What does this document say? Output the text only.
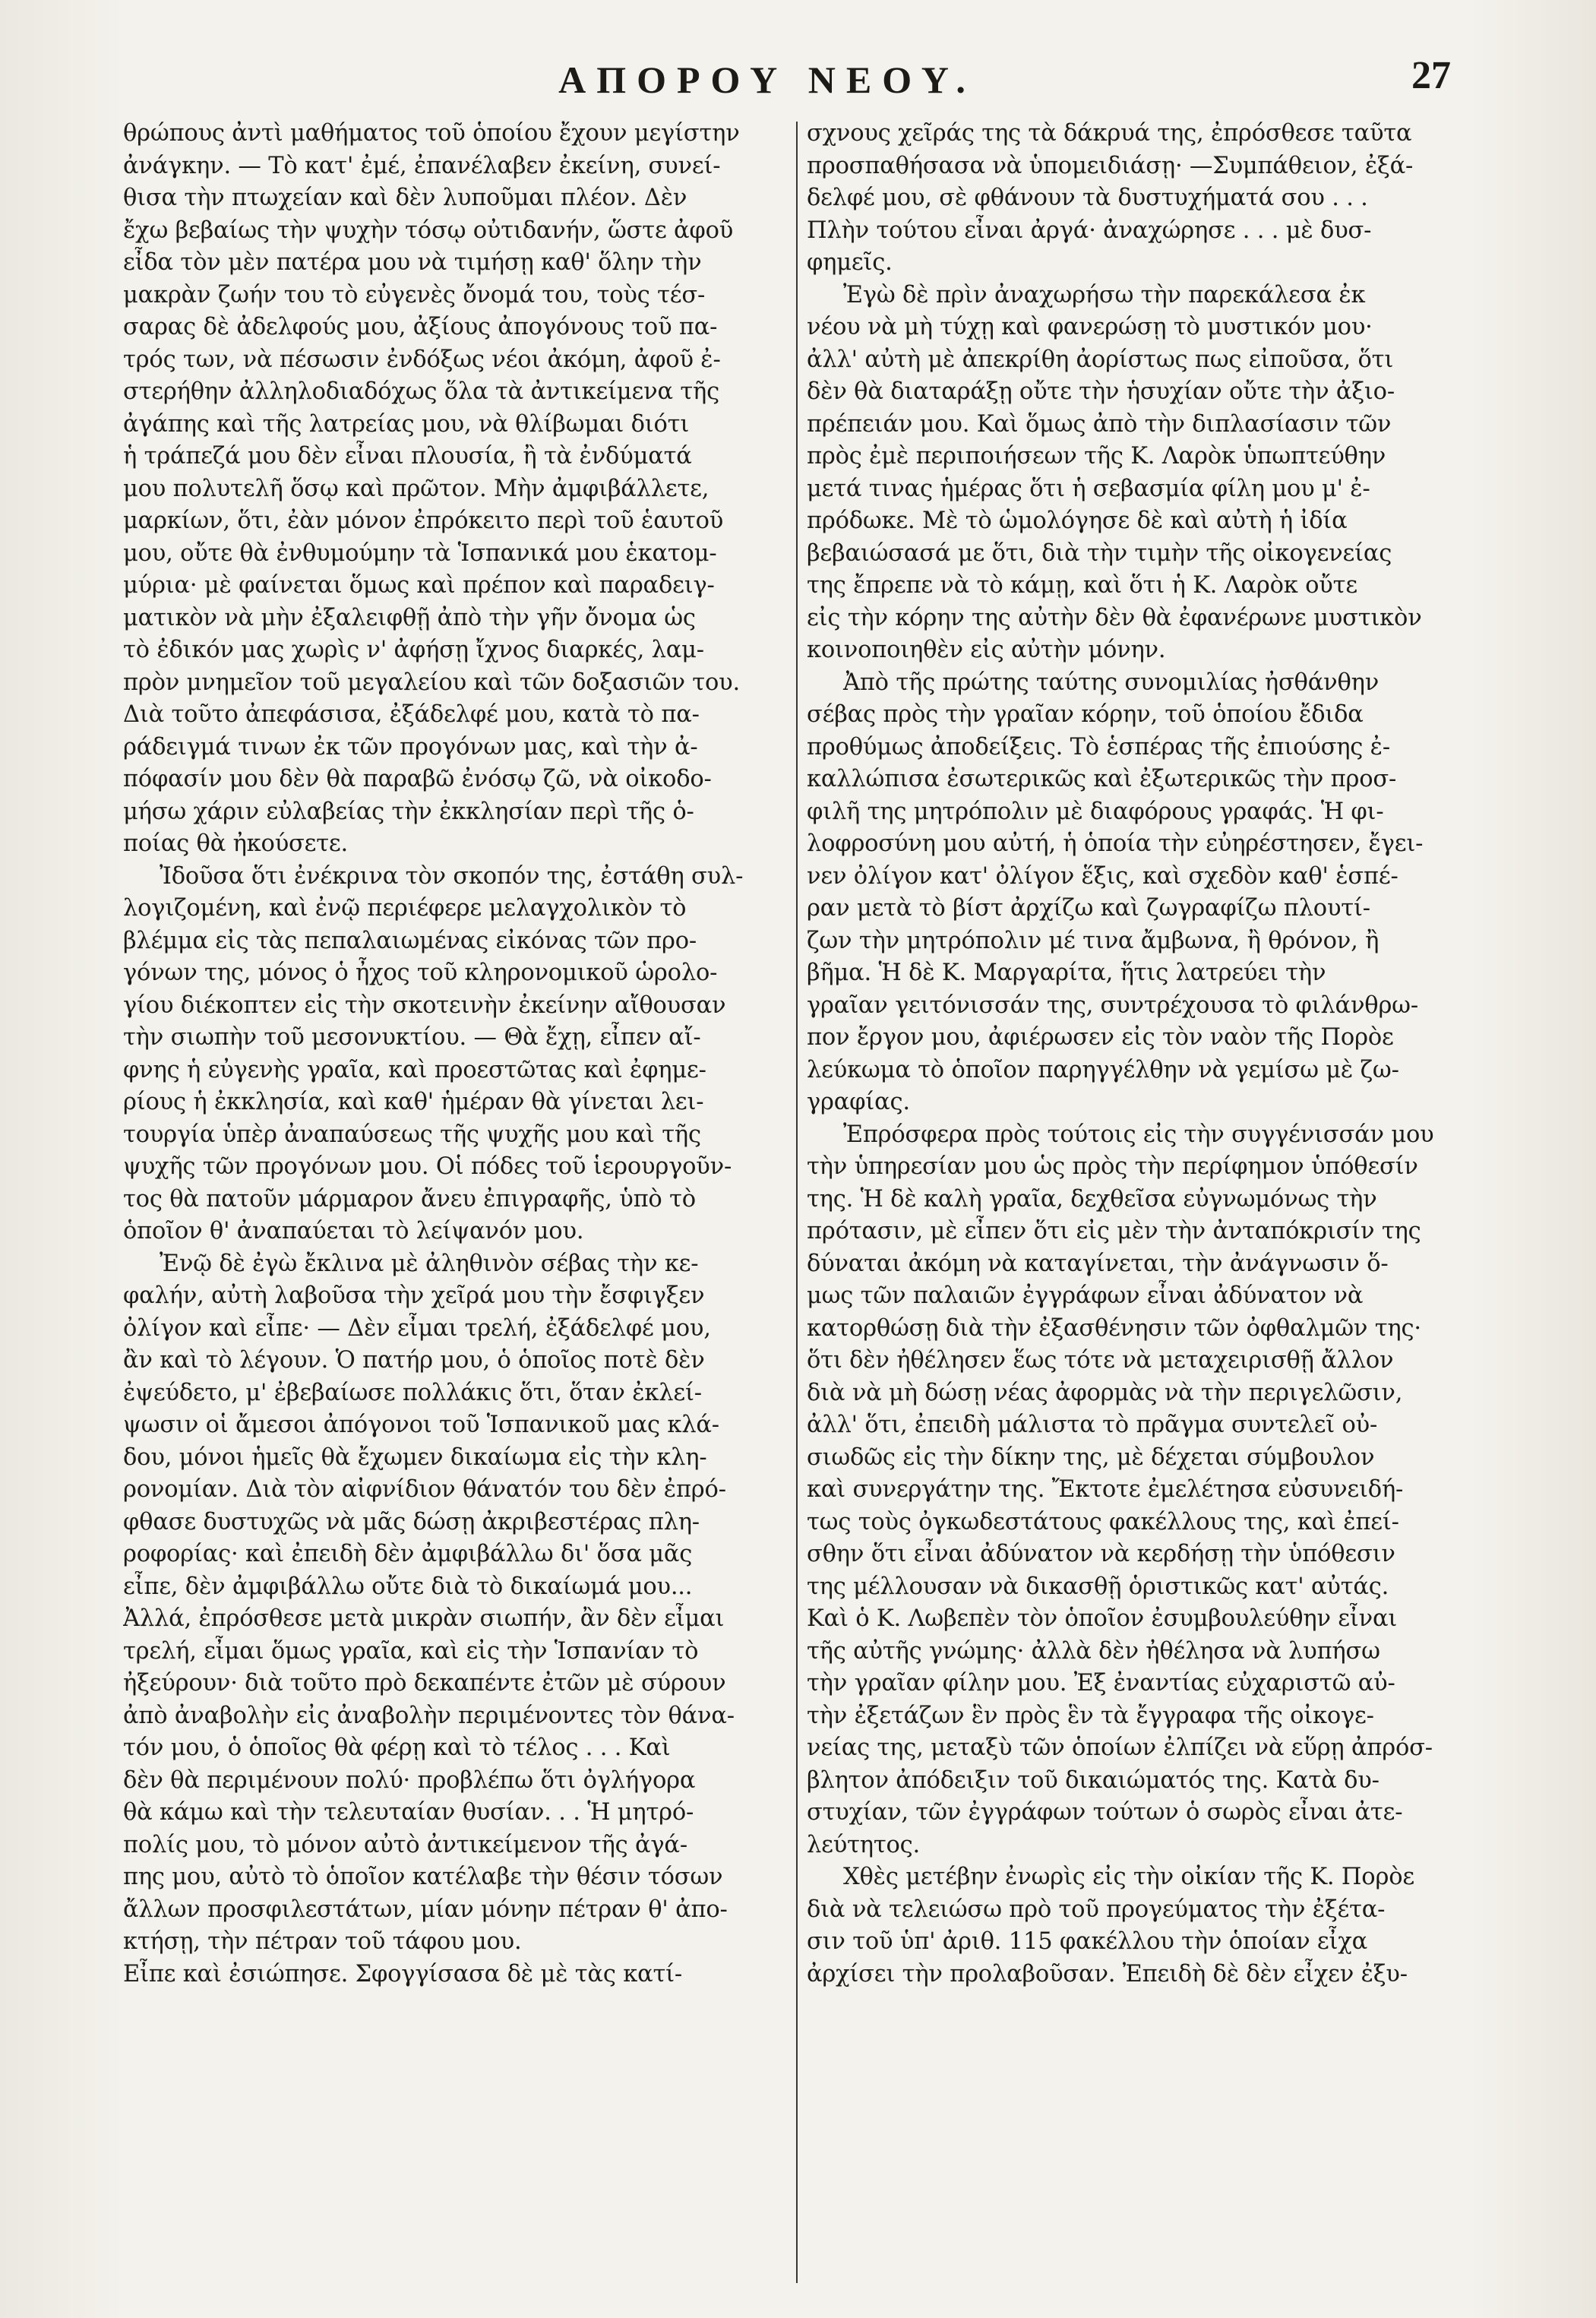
ΑΠΟΡΟΥ ΝΕΟΥ.	27
θρώπους ἀντὶ μαθήματος τοῦ ὁποίου ἔχουν μεγίστην
ἀνάγκην. — Τὸ κατ' ἐμέ, ἐπανέλαβεν ἐκείνη, συνεί-
θισα τὴν πτωχείαν καὶ δὲν λυποῦμαι πλέον. Δὲν
ἔχω βεβαίως τὴν ψυχὴν τόσῳ οὐτιδανήν, ὥστε ἀφοῦ
εἶδα τὸν μὲν πατέρα μου νὰ τιμήσῃ καθ' ὅλην τὴν
μακρὰν ζωήν του τὸ εὐγενὲς ὄνομά του, τοὺς τέσ-
σαρας δὲ ἀδελφούς μου, ἀξίους ἀπογόνους τοῦ πα-
τρός των, νὰ πέσωσιν ἐνδόξως νέοι ἀκόμη, ἀφοῦ ἐ-
στερήθην ἀλληλοδιαδόχως ὅλα τὰ ἀντικείμενα τῆς
ἀγάπης καὶ τῆς λατρείας μου, νὰ θλίβωμαι διότι
ἡ τράπεζά μου δὲν εἶναι πλουσία, ἢ τὰ ἐνδύματά
μου πολυτελῆ ὅσῳ καὶ πρῶτον. Μὴν ἀμφιβάλλετε,
μαρκίων, ὅτι, ἐὰν μόνον ἐπρόκειτο περὶ τοῦ ἑαυτοῦ
μου, οὔτε θὰ ἐνθυμούμην τὰ Ἱσπανικά μου ἑκατομ-
μύρια· μὲ φαίνεται ὅμως καὶ πρέπον καὶ παραδειγ-
ματικὸν νὰ μὴν ἐξαλειφθῇ ἀπὸ τὴν γῆν ὄνομα ὡς
τὸ ἐδικόν μας χωρὶς ν' ἀφήσῃ ἴχνος διαρκές, λαμ-
πρὸν μνημεῖον τοῦ μεγαλείου καὶ τῶν δοξασιῶν του.
Διὰ τοῦτο ἀπεφάσισα, ἐξάδελφέ μου, κατὰ τὸ πα-
ράδειγμά τινων ἐκ τῶν προγόνων μας, καὶ τὴν ἀ-
πόφασίν μου δὲν θὰ παραβῶ ἐνόσῳ ζῶ, νὰ οἰκοδο-
μήσω χάριν εὐλαβείας τὴν ἐκκλησίαν περὶ τῆς ὁ-
ποίας θὰ ἠκούσετε.
Ἰδοῦσα ὅτι ἐνέκρινα τὸν σκοπόν της, ἐστάθη συλ-
λογιζομένη, καὶ ἐνῷ περιέφερε μελαγχολικὸν τὸ
βλέμμα εἰς τὰς πεπαλαιωμένας εἰκόνας τῶν προ-
γόνων της, μόνος ὁ ἦχος τοῦ κληρονομικοῦ ὡρολο-
γίου διέκοπτεν εἰς τὴν σκοτεινὴν ἐκείνην αἴθουσαν
τὴν σιωπὴν τοῦ μεσονυκτίου. — Θὰ ἔχῃ, εἶπεν αἴ-
φνης ἡ εὐγενὴς γραῖα, καὶ προεστῶτας καὶ ἐφημε-
ρίους ἡ ἐκκλησία, καὶ καθ' ἡμέραν θὰ γίνεται λει-
τουργία ὑπὲρ ἀναπαύσεως τῆς ψυχῆς μου καὶ τῆς
ψυχῆς τῶν προγόνων μου. Οἱ πόδες τοῦ ἱερουργοῦν-
τος θὰ πατοῦν μάρμαρον ἄνευ ἐπιγραφῆς, ὑπὸ τὸ
ὁποῖον θ' ἀναπαύεται τὸ λείψανόν μου.
Ἐνῷ δὲ ἐγὼ ἔκλινα μὲ ἀληθινὸν σέβας τὴν κε-
φαλήν, αὐτὴ λαβοῦσα τὴν χεῖρά μου τὴν ἔσφιγξεν
ὀλίγον καὶ εἶπε· — Δὲν εἶμαι τρελή, ἐξάδελφέ μου,
ἂν καὶ τὸ λέγουν. Ὁ πατήρ μου, ὁ ὁποῖος ποτὲ δὲν
ἐψεύδετο, μ' ἐβεβαίωσε πολλάκις ὅτι, ὅταν ἐκλεί-
ψωσιν οἱ ἄμεσοι ἀπόγονοι τοῦ Ἱσπανικοῦ μας κλά-
δου, μόνοι ἡμεῖς θὰ ἔχωμεν δικαίωμα εἰς τὴν κλη-
ρονομίαν. Διὰ τὸν αἰφνίδιον θάνατόν του δὲν ἐπρό-
φθασε δυστυχῶς νὰ μᾶς δώσῃ ἀκριβεστέρας πλη-
ροφορίας· καὶ ἐπειδὴ δὲν ἀμφιβάλλω δι' ὅσα μᾶς
εἶπε, δὲν ἀμφιβάλλω οὔτε διὰ τὸ δικαίωμά μου...
Ἀλλά, ἐπρόσθεσε μετὰ μικρὰν σιωπήν, ἂν δὲν εἶμαι
τρελή, εἶμαι ὅμως γραῖα, καὶ εἰς τὴν Ἱσπανίαν τὸ
ἠξεύρουν· διὰ τοῦτο πρὸ δεκαπέντε ἐτῶν μὲ σύρουν
ἀπὸ ἀναβολὴν εἰς ἀναβολὴν περιμένοντες τὸν θάνα-
τόν μου, ὁ ὁποῖος θὰ φέρῃ καὶ τὸ τέλος . . . Καὶ
δὲν θὰ περιμένουν πολύ· προβλέπω ὅτι ὀγλήγορα
θὰ κάμω καὶ τὴν τελευταίαν θυσίαν. . . Ἡ μητρό-
πολίς μου, τὸ μόνον αὐτὸ ἀντικείμενον τῆς ἀγά-
πης μου, αὐτὸ τὸ ὁποῖον κατέλαβε τὴν θέσιν τόσων
ἄλλων προσφιλεστάτων, μίαν μόνην πέτραν θ' ἀπο-
κτήσῃ, τὴν πέτραν τοῦ τάφου μου.
Εἶπε καὶ ἐσιώπησε. Σφογγίσασα δὲ μὲ τὰς κατί-
σχνους χεῖράς της τὰ δάκρυά της, ἐπρόσθεσε ταῦτα
προσπαθήσασα νὰ ὑπομειδιάσῃ· —Συμπάθειον, ἐξά-
δελφέ μου, σὲ φθάνουν τὰ δυστυχήματά σου . . .
Πλὴν τούτου εἶναι ἀργά· ἀναχώρησε . . . μὲ δυσ-
φημεῖς.
Ἐγὼ δὲ πρὶν ἀναχωρήσω τὴν παρεκάλεσα ἐκ
νέου νὰ μὴ τύχῃ καὶ φανερώσῃ τὸ μυστικόν μου·
ἀλλ' αὐτὴ μὲ ἀπεκρίθη ἀορίστως πως εἰποῦσα, ὅτι
δὲν θὰ διαταράξῃ οὔτε τὴν ἡσυχίαν οὔτε τὴν ἀξιο-
πρέπειάν μου. Καὶ ὅμως ἀπὸ τὴν διπλασίασιν τῶν
πρὸς ἐμὲ περιποιήσεων τῆς Κ. Λαρὸκ ὑπωπτεύθην
μετά τινας ἡμέρας ὅτι ἡ σεβασμία φίλη μου μ' ἐ-
πρόδωκε. Μὲ τὸ ὡμολόγησε δὲ καὶ αὐτὴ ἡ ἰδία
βεβαιώσασά με ὅτι, διὰ τὴν τιμὴν τῆς οἰκογενείας
της ἔπρεπε νὰ τὸ κάμῃ, καὶ ὅτι ἡ Κ. Λαρὸκ οὔτε
εἰς τὴν κόρην της αὐτὴν δὲν θὰ ἐφανέρωνε μυστικὸν
κοινοποιηθὲν εἰς αὐτὴν μόνην.
Ἀπὸ τῆς πρώτης ταύτης συνομιλίας ἠσθάνθην
σέβας πρὸς τὴν γραῖαν κόρην, τοῦ ὁποίου ἔδιδα
προθύμως ἀποδείξεις. Τὸ ἑσπέρας τῆς ἐπιούσης ἐ-
καλλώπισα ἐσωτερικῶς καὶ ἐξωτερικῶς τὴν προσ-
φιλῆ της μητρόπολιν μὲ διαφόρους γραφάς. Ἡ φι-
λοφροσύνη μου αὐτή, ἡ ὁποία τὴν εὐηρέστησεν, ἔγει-
νεν ὀλίγον κατ' ὀλίγον ἕξις, καὶ σχεδὸν καθ' ἑσπέ-
ραν μετὰ τὸ βίστ ἀρχίζω καὶ ζωγραφίζω πλουτί-
ζων τὴν μητρόπολιν μέ τινα ἄμβωνα, ἢ θρόνον, ἢ
βῆμα. Ἡ δὲ Κ. Μαργαρίτα, ἥτις λατρεύει τὴν
γραῖαν γειτόνισσάν της, συντρέχουσα τὸ φιλάνθρω-
πον ἔργον μου, ἀφιέρωσεν εἰς τὸν ναὸν τῆς Πορὸε
λεύκωμα τὸ ὁποῖον παρηγγέλθην νὰ γεμίσω μὲ ζω-
γραφίας.
Ἐπρόσφερα πρὸς τούτοις εἰς τὴν συγγένισσάν μου
τὴν ὑπηρεσίαν μου ὡς πρὸς τὴν περίφημον ὑπόθεσίν
της. Ἡ δὲ καλὴ γραῖα, δεχθεῖσα εὐγνωμόνως τὴν
πρότασιν, μὲ εἶπεν ὅτι εἰς μὲν τὴν ἀνταπόκρισίν της
δύναται ἀκόμη νὰ καταγίνεται, τὴν ἀνάγνωσιν ὅ-
μως τῶν παλαιῶν ἐγγράφων εἶναι ἀδύνατον νὰ
κατορθώσῃ διὰ τὴν ἐξασθένησιν τῶν ὀφθαλμῶν της·
ὅτι δὲν ἠθέλησεν ἕως τότε νὰ μεταχειρισθῇ ἄλλον
διὰ νὰ μὴ δώσῃ νέας ἀφορμὰς νὰ τὴν περιγελῶσιν,
ἀλλ' ὅτι, ἐπειδὴ μάλιστα τὸ πρᾶγμα συντελεῖ οὐ-
σιωδῶς εἰς τὴν δίκην της, μὲ δέχεται σύμβουλον
καὶ συνεργάτην της. Ἔκτοτε ἐμελέτησα εὐσυνειδή-
τως τοὺς ὀγκωδεστάτους φακέλλους της, καὶ ἐπεί-
σθην ὅτι εἶναι ἀδύνατον νὰ κερδήσῃ τὴν ὑπόθεσιν
της μέλλουσαν νὰ δικασθῇ ὁριστικῶς κατ' αὐτάς.
Καὶ ὁ Κ. Λωβεπὲν τὸν ὁποῖον ἐσυμβουλεύθην εἶναι
τῆς αὐτῆς γνώμης· ἀλλὰ δὲν ἠθέλησα νὰ λυπήσω
τὴν γραῖαν φίλην μου. Ἐξ ἐναντίας εὐχαριστῶ αὐ-
τὴν ἐξετάζων ἓν πρὸς ἓν τὰ ἔγγραφα τῆς οἰκογε-
νείας της, μεταξὺ τῶν ὁποίων ἐλπίζει νὰ εὕρῃ ἀπρόσ-
βλητον ἀπόδειξιν τοῦ δικαιώματός της. Κατὰ δυ-
στυχίαν, τῶν ἐγγράφων τούτων ὁ σωρὸς εἶναι ἀτε-
λεύτητος.
Χθὲς μετέβην ἐνωρὶς εἰς τὴν οἰκίαν τῆς Κ. Πορὸε
διὰ νὰ τελειώσω πρὸ τοῦ προγεύματος τὴν ἐξέτα-
σιν τοῦ ὑπ' ἀριθ. 115 φακέλλου τὴν ὁποίαν εἶχα
ἀρχίσει τὴν προλαβοῦσαν. Ἐπειδὴ δὲ δὲν εἶχεν ἐξυ-
